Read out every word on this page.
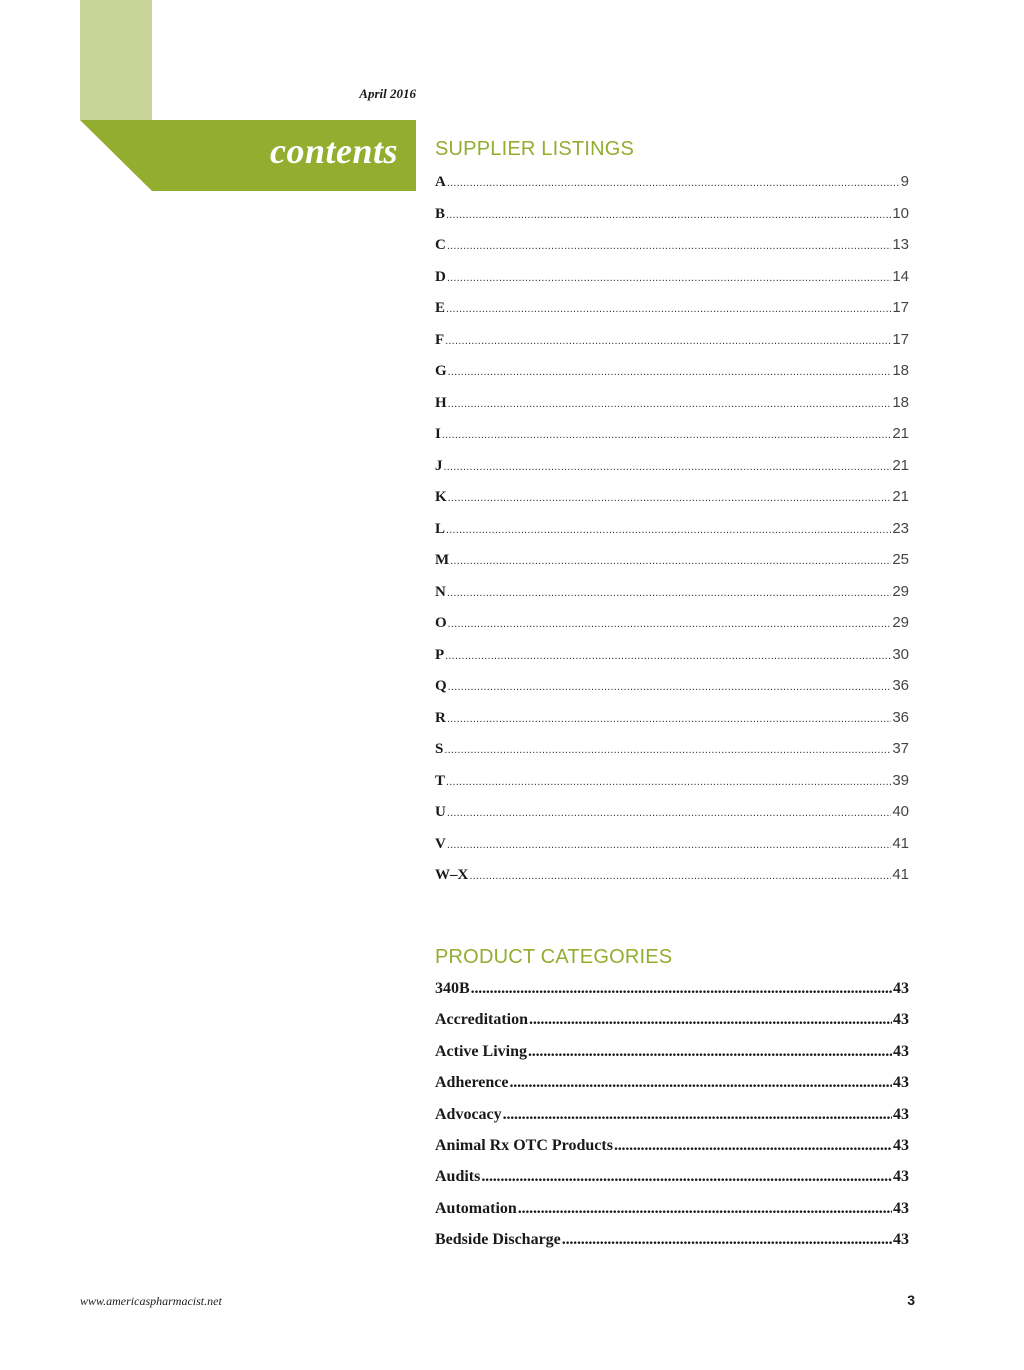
April 2016
contents SUPPLIER LISTINGS
A .....	9
B .....	10
C .....	13
D .....	14
E .....	17
F .....	17
G .....	18
H .....	18
I .....	21
J .....	21
K .....	21
L .....	23
M .....	25
N .....	29
O .....	29
P .....	30
Q .....	36
R .....	36
S .....	37
T .....	39
U .....	40
V .....	41
W–X .....	41
PRODUCT CATEGORIES
340B .....	43
Accreditation .....	43
Active Living .....	43
Adherence .....	43
Advocacy .....	43
Animal Rx OTC Products .....	43
Audits .....	43
Automation .....	43
Bedside Discharge .....	43
www.americaspharmacist.net	3
